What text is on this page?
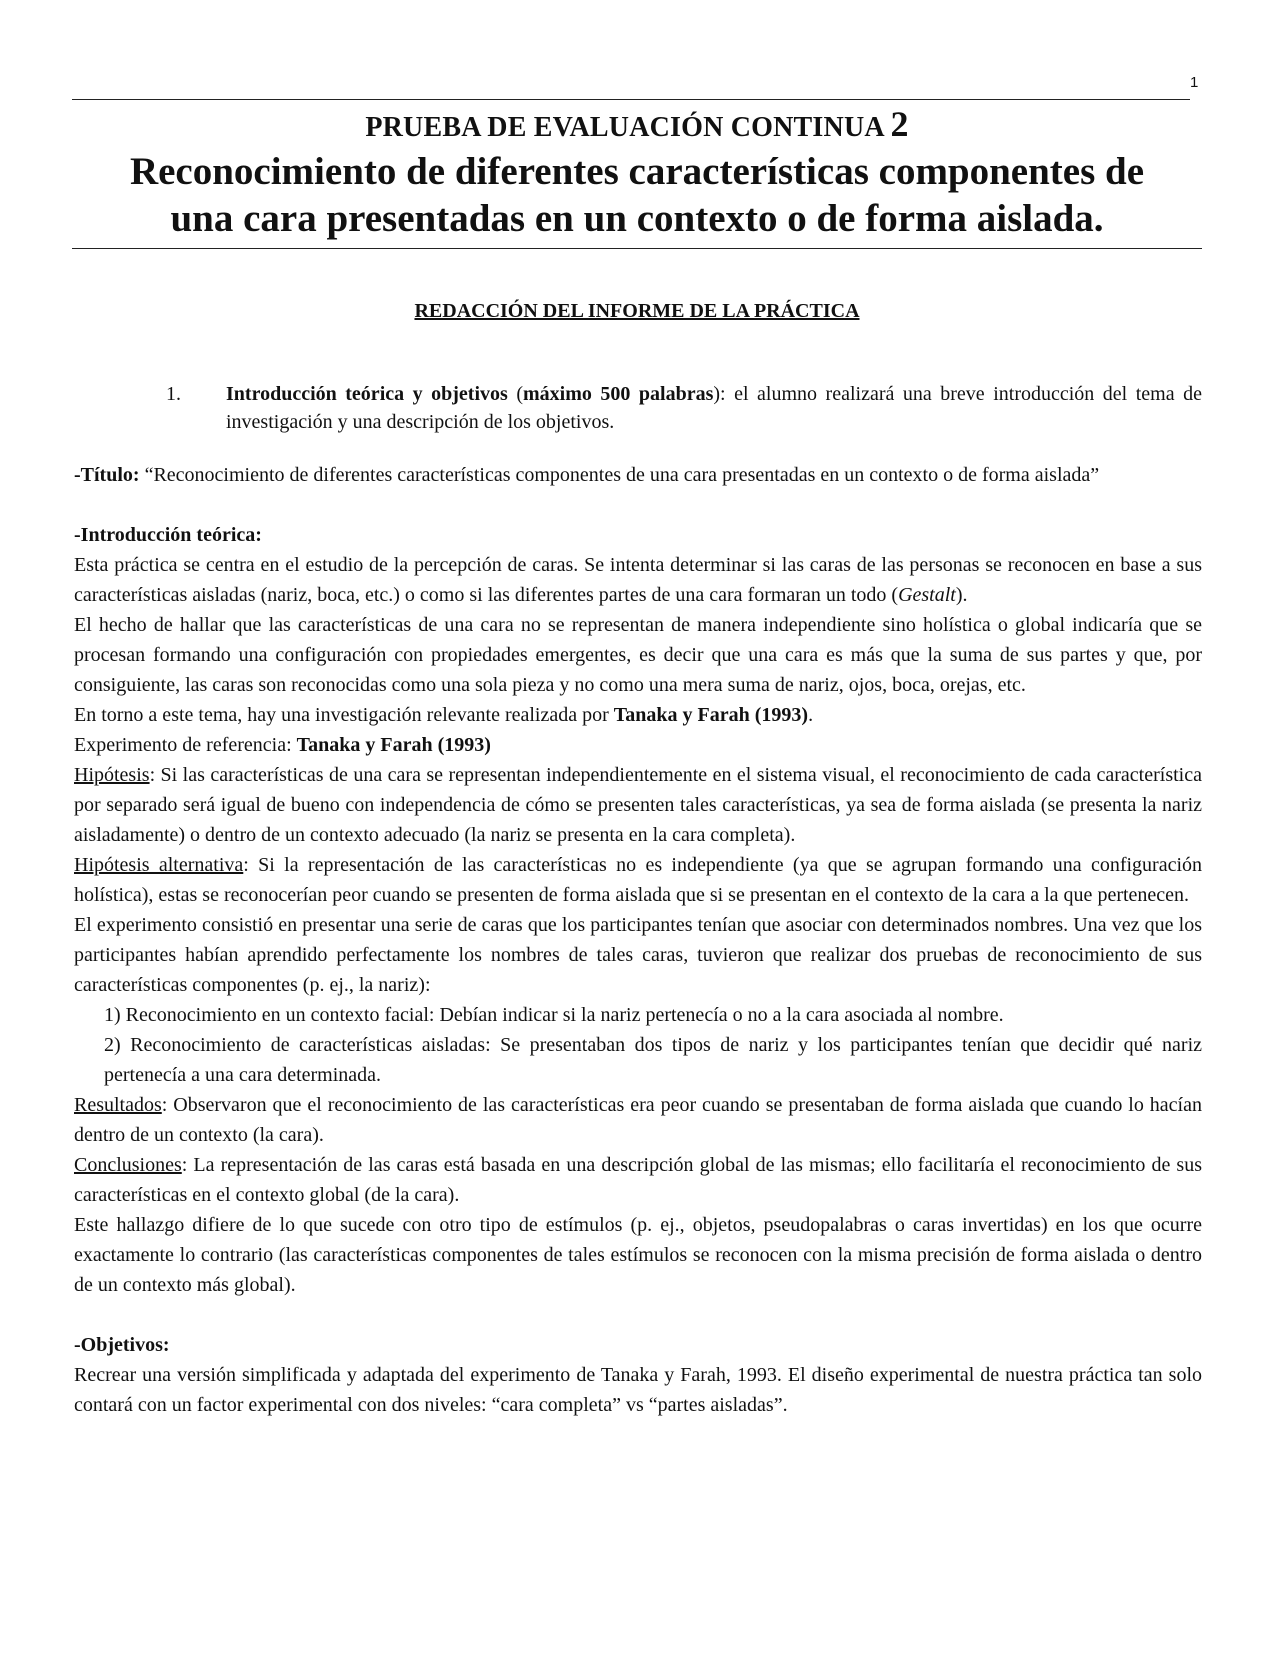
1

PRUEBA DE EVALUACIÓN CONTINUA 2

Reconocimiento de diferentes características componentes de

una cara presentadas en un contexto o de forma aislada.

REDACCIÓN DEL INFORME DE LA PRÁCTICA

1. Introducción teórica y objetivos (máximo 500 palabras): el alumno realizará una breve introducción del tema de investigación y una descripción de los objetivos.

-Título: “Reconocimiento de diferentes características componentes de una cara presentadas en un contexto o de forma aislada”

-Introducción teórica:

Esta práctica se centra en el estudio de la percepción de caras. Se intenta determinar si las caras de las personas se reconocen en base a sus características aisladas (nariz, boca, etc.) o como si las diferentes partes de una cara formaran un todo (Gestalt).

El hecho de hallar que las características de una cara no se representan de manera independiente sino holística o global indicaría que se procesan formando una configuración con propiedades emergentes, es decir que una cara es más que la suma de sus partes y que, por consiguiente, las caras son reconocidas como una sola pieza y no como una mera suma de nariz, ojos, boca, orejas, etc.

En torno a este tema, hay una investigación relevante realizada por Tanaka y Farah (1993).

Experimento de referencia: Tanaka y Farah (1993)

Hipótesis: Si las características de una cara se representan independientemente en el sistema visual, el reconocimiento de cada característica por separado será igual de bueno con independencia de cómo se presenten tales características, ya sea de forma aislada (se presenta la nariz aisladamente) o dentro de un contexto adecuado (la nariz se presenta en la cara completa).

Hipótesis alternativa: Si la representación de las características no es independiente (ya que se agrupan formando una configuración holística), estas se reconocerían peor cuando se presenten de forma aislada que si se presentan en el contexto de la cara a la que pertenecen.

El experimento consistió en presentar una serie de caras que los participantes tenían que asociar con determinados nombres. Una vez que los participantes habían aprendido perfectamente los nombres de tales caras, tuvieron que realizar dos pruebas de reconocimiento de sus características componentes (p. ej., la nariz):

1) Reconocimiento en un contexto facial: Debían indicar si la nariz pertenecía o no a la cara asociada al nombre.

2) Reconocimiento de características aisladas: Se presentaban dos tipos de nariz y los participantes tenían que decidir qué nariz pertenecía a una cara determinada.

Resultados: Observaron que el reconocimiento de las características era peor cuando se presentaban de forma aislada que cuando lo hacían dentro de un contexto (la cara).

Conclusiones: La representación de las caras está basada en una descripción global de las mismas; ello facilitaría el reconocimiento de sus características en el contexto global (de la cara).

Este hallazgo difiere de lo que sucede con otro tipo de estímulos (p. ej., objetos, pseudopalabras o caras invertidas) en los que ocurre exactamente lo contrario (las características componentes de tales estímulos se reconocen con la misma precisión de forma aislada o dentro de un contexto más global).

-Objetivos:

Recrear una versión simplificada y adaptada del experimento de Tanaka y Farah, 1993. El diseño experimental de nuestra práctica tan solo contará con un factor experimental con dos niveles: “cara completa” vs “partes aisladas”.
